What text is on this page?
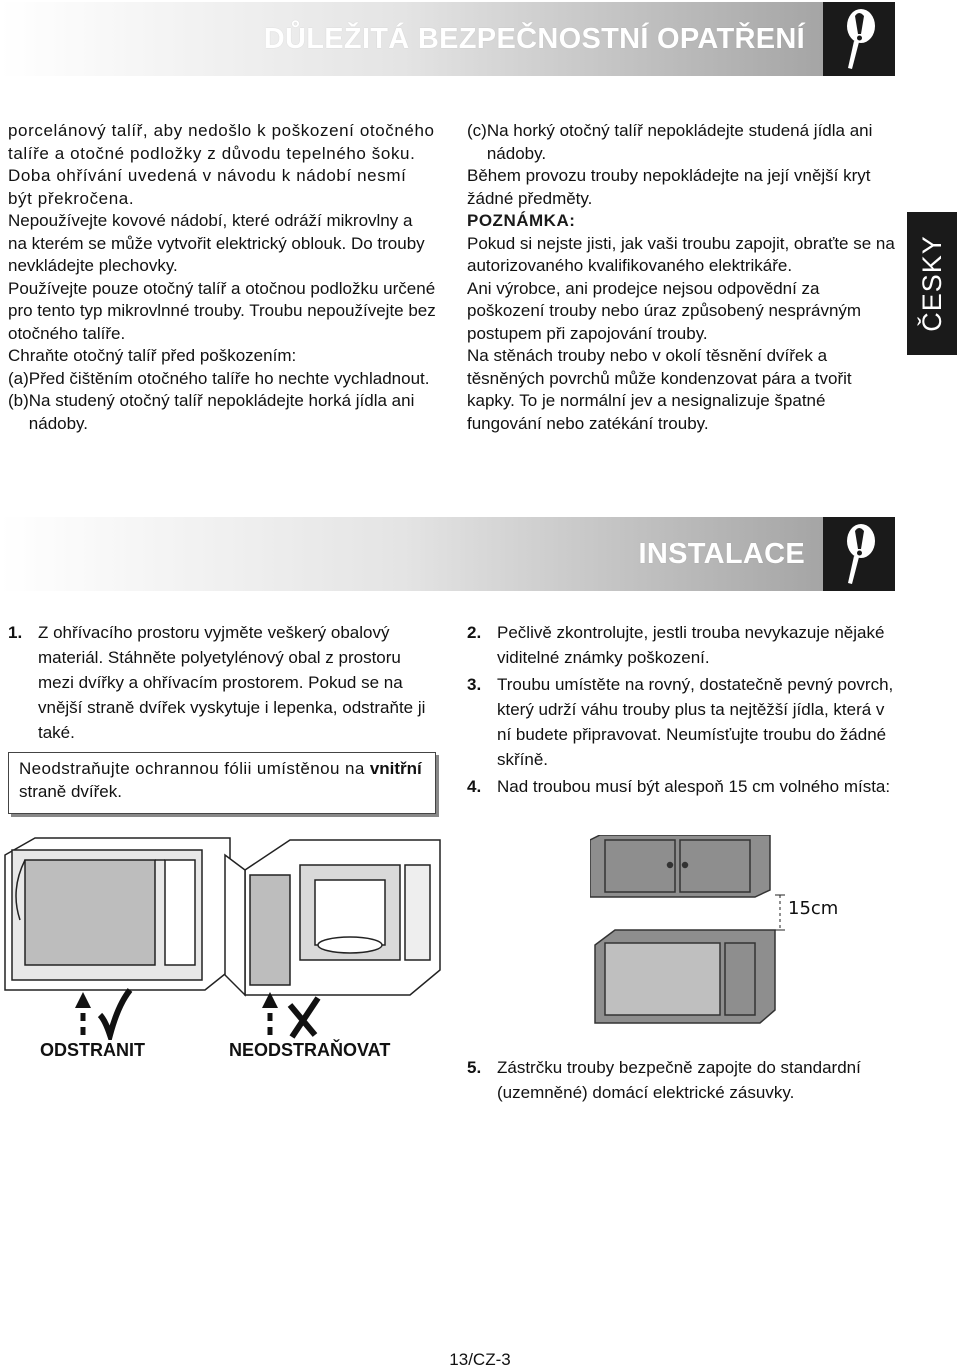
DŮLEŽITÁ BEZPEČNOSTNÍ OPATŘENÍ

porcelánový talíř, aby nedošlo k poškození otočného talíře a otočné podložky z důvodu tepelného šoku. Doba ohřívání uvedená v návodu k nádobí nesmí být překročena.

Nepoužívejte kovové nádobí, které odráží mikrovlny a na kterém se může vytvořit elektrický oblouk. Do trouby nevkládejte plechovky.

Používejte pouze otočný talíř a otočnou podložku určené pro tento typ mikrovlnné trouby. Troubu nepoužívejte bez otočného talíře.

Chraňte otočný talíř před poškozením:

(a) Před čištěním otočného talíře ho nechte vychladnout.
(b) Na studený otočný talíř nepokládejte horká jídla ani nádoby.
(c) Na horký otočný talíř nepokládejte studená jídla ani nádoby.

Během provozu trouby nepokládejte na její vnější kryt žádné předměty.

POZNÁMKA:

Pokud si nejste jisti, jak vaši troubu zapojit, obraťte se na autorizovaného kvalifikovaného elektrikáře.

Ani výrobce, ani prodejce nejsou odpovědní za poškození trouby nebo úraz způsobený nesprávným postupem při zapojování trouby.

Na stěnách trouby nebo v okolí těsnění dvířek a těsněných povrchů může kondenzovat pára a tvořit kapky. To je normální jev a nesignalizuje špatné fungování nebo zatékání trouby.

ČESKY
INSTALACE
1. Z ohřívacího prostoru vyjměte veškerý obalový materiál. Stáhněte polyetylénový obal z prostoru mezi dvířky a ohřívacím prostorem. Pokud se na vnější straně dvířek vyskytuje i lepenka, odstraňte ji také.
Neodstraňujte ochrannou fólii umístěnou na vnitřní straně dvířek.
2. Pečlivě zkontrolujte, jestli trouba nevykazuje nějaké viditelné známky poškození.
3. Troubu umístěte na rovný, dostatečně pevný povrch, který udrží váhu trouby plus ta nejtěžší jídla, která v ní budete připravovat. Neumísťujte troubu do žádné skříně.
4. Nad troubou musí být alespoň 15 cm volného místa:
ODSTRANIT	NEODSTRAŇOVAT
15cm
5. Zástrčku trouby bezpečně zapojte do standardní (uzemněné) domácí elektrické zásuvky.
13/CZ-3
